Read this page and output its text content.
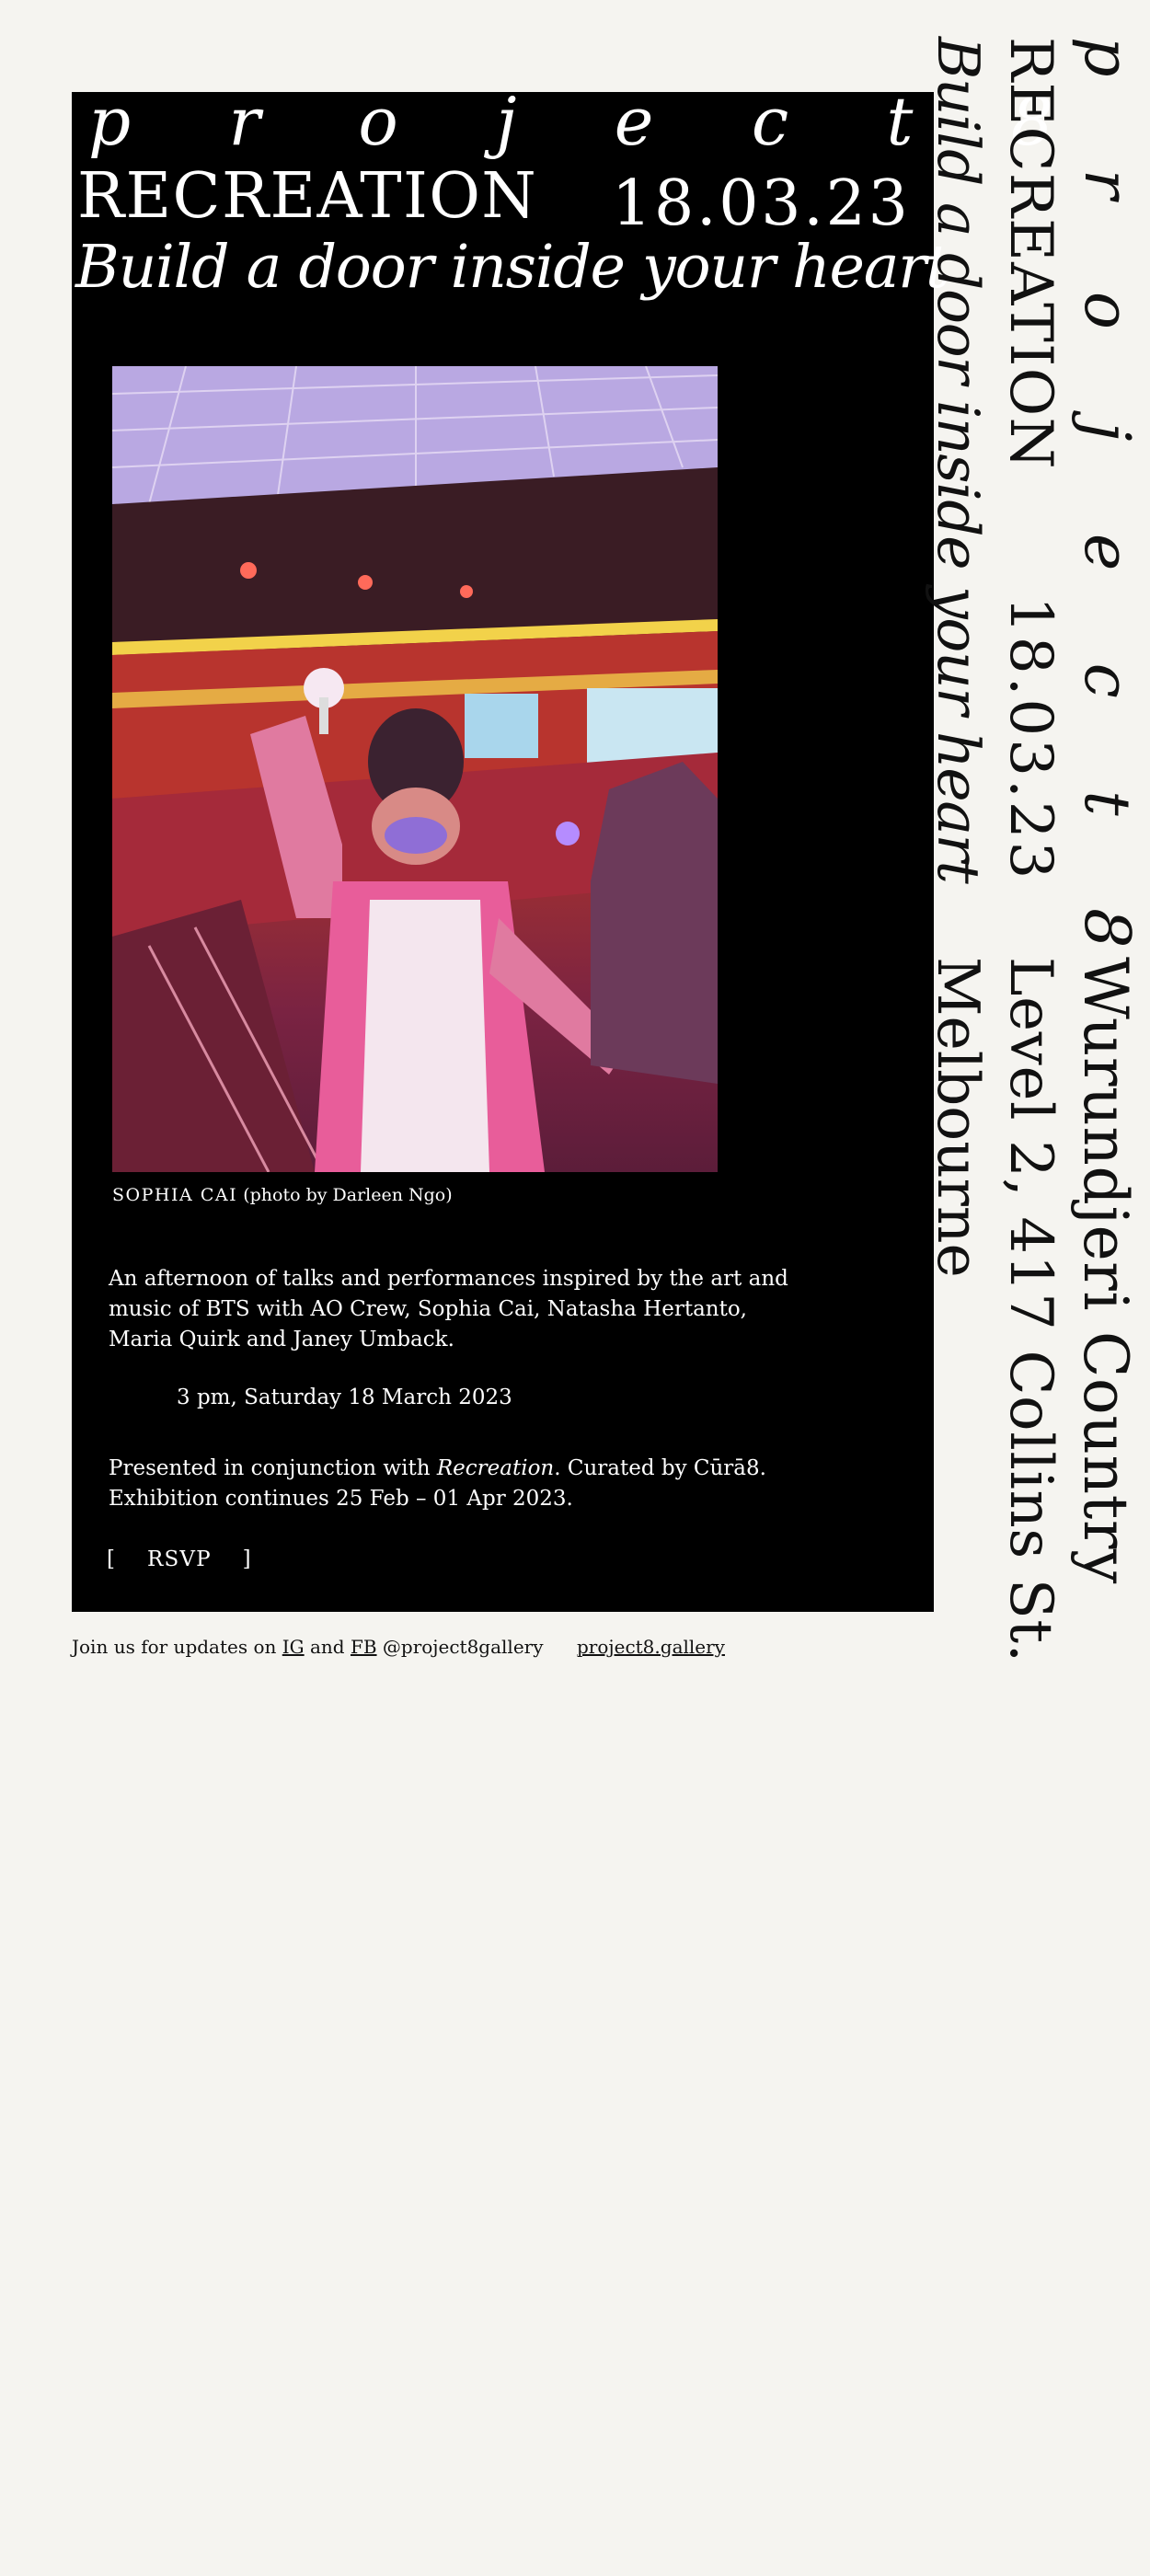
p r o j e c t 8
RECREATION 18.03.23
Build a door inside your heart
SOPHIA CAI (photo by Darleen Ngo)
An afternoon of talks and performances inspired by the art and music of BTS with AO Crew, Sophia Cai, Natasha Hertanto, Maria Quirk and Janey Umback.
3 pm, Saturday 18 March 2023
Presented in conjunction with Recreation. Curated by Cūrā8.
Exhibition continues 25 Feb – 01 Apr 2023.
[ RSVP ]
p r o j e c t 8
Wurundjeri Country
RECREATION
18.03.23
Level 2, 417 Collins St.
Build a door inside your heart
Melbourne
Join us for updates on IG and FB @project8gallery project8.gallery
